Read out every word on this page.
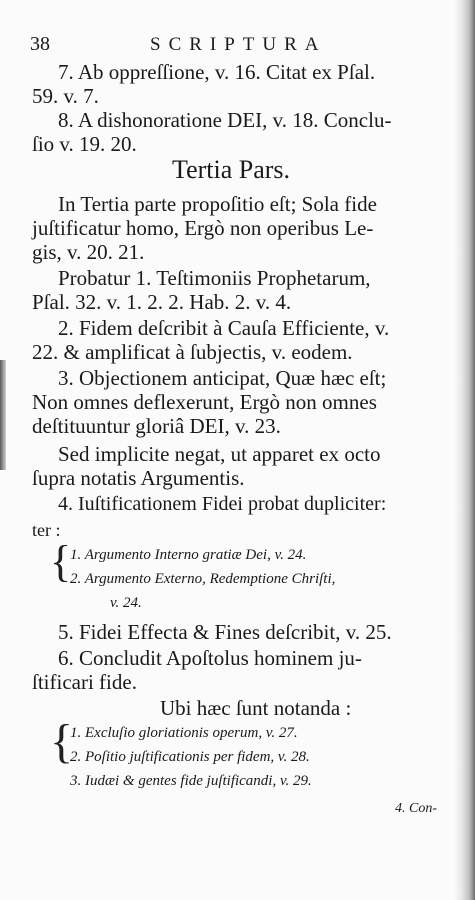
38	SCRIPTURA
7. Ab oppreſſione, v. 16. Citat ex Pſal.
59. v. 7.
8. A dishonoratione DEI, v. 18. Conclu-
ſio v. 19. 20.
Tertia Pars.
In Tertia parte propoſitio eſt; Sola fide
juſtificatur homo, Ergò non operibus Le-
gis, v. 20. 21.
Probatur 1. Teſtimoniis Prophetarum,
Pſal. 32. v. 1. 2. 2. Hab. 2. v. 4.
2. Fidem deſcribit à Cauſa Efficiente, v.
22. & amplificat à ſubjectis, v. eodem.
3. Objectionem anticipat, Quæ hæc eſt;
Non omnes deflexerunt, Ergò non omnes
deſtituuntur gloriâ DEI, v. 23.
Sed implicite negat, ut apparet ex octo
ſupra notatis Argumentis.
4. Iuſtificationem Fidei probat dupliciter:
ter :
{
1. Argumento Interno gratiæ Dei, v. 24.
2. Argumento Externo, Redemptione Chriſti,
v. 24.
5. Fidei Effecta & Fines deſcribit, v. 25.
6. Concludit Apoſtolus hominem ju-
ſtificari fide.
Ubi hæc ſunt notanda :
{
1. Excluſio gloriationis operum, v. 27.
2. Poſitio juſtificationis per fidem, v. 28.
3. Iudæi & gentes fide juſtificandi, v. 29.
4. Con-
